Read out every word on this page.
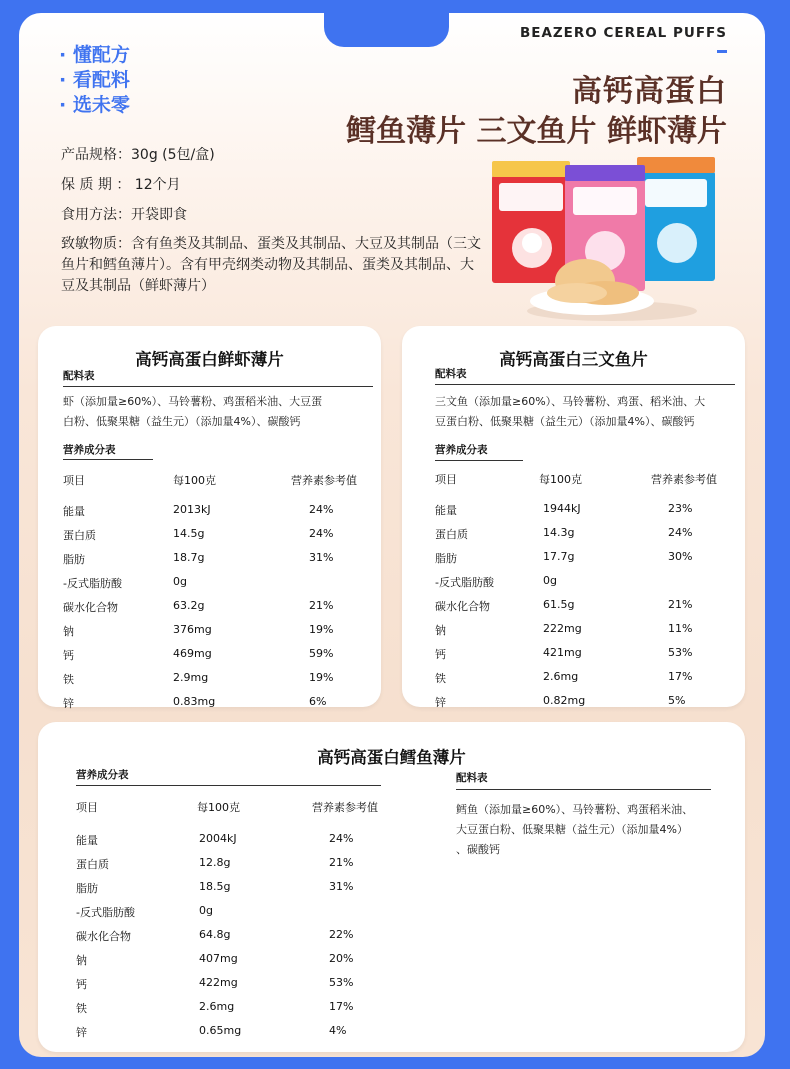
BEAZERO CEREAL PUFFS
· 懂配方
· 看配料
· 选未零	高钙高蛋白
鳕鱼薄片 三文鱼片 鲜虾薄片
产品规格：30g (5包/盒)
保 质 期 ： 12个月
食用方法：开袋即食
致敏物质：含有鱼类及其制品、蛋类及其制品、大豆及其制品（三文鱼片和鳕鱼薄片）。含有甲壳纲类动物及其制品、蛋类及其制品、大豆及其制品（鲜虾薄片）
高钙高蛋白鲜虾薄片
配料表
虾（添加量≥60%）、马铃薯粉、鸡蛋稻米油、大豆蛋
白粉、低聚果糖（益生元）（添加量4%）、碳酸钙
营养成分表
项目	每100克	营养素参考值
能量	2013kJ	24%
蛋白质	14.5g	24%
脂肪	18.7g	31%
-反式脂肪酸	0g
碳水化合物	63.2g	21%
钠	376mg	19%
钙	469mg	59%
铁	2.9mg	19%
锌	0.83mg	6%
高钙高蛋白三文鱼片
配料表
三文鱼（添加量≥60%）、马铃薯粉、鸡蛋、稻米油、大
豆蛋白粉、低聚果糖（益生元）（添加量4%）、碳酸钙
营养成分表
项目	每100克	营养素参考值
能量	1944kJ	23%
蛋白质	14.3g	24%
脂肪	17.7g	30%
-反式脂肪酸	0g
碳水化合物	61.5g	21%
钠	222mg	11%
钙	421mg	53%
铁	2.6mg	17%
锌	0.82mg	5%
高钙高蛋白鳕鱼薄片
营养成分表
项目	每100克	营养素参考值
能量	2004kJ	24%
蛋白质	12.8g	21%
脂肪	18.5g	31%
-反式脂肪酸	0g
碳水化合物	64.8g	22%
钠	407mg	20%
钙	422mg	53%
铁	2.6mg	17%
锌	0.65mg	4%
配料表
鳕鱼（添加量≥60%）、马铃薯粉、鸡蛋稻米油、
大豆蛋白粉、低聚果糖（益生元）（添加量4%）
、碳酸钙
